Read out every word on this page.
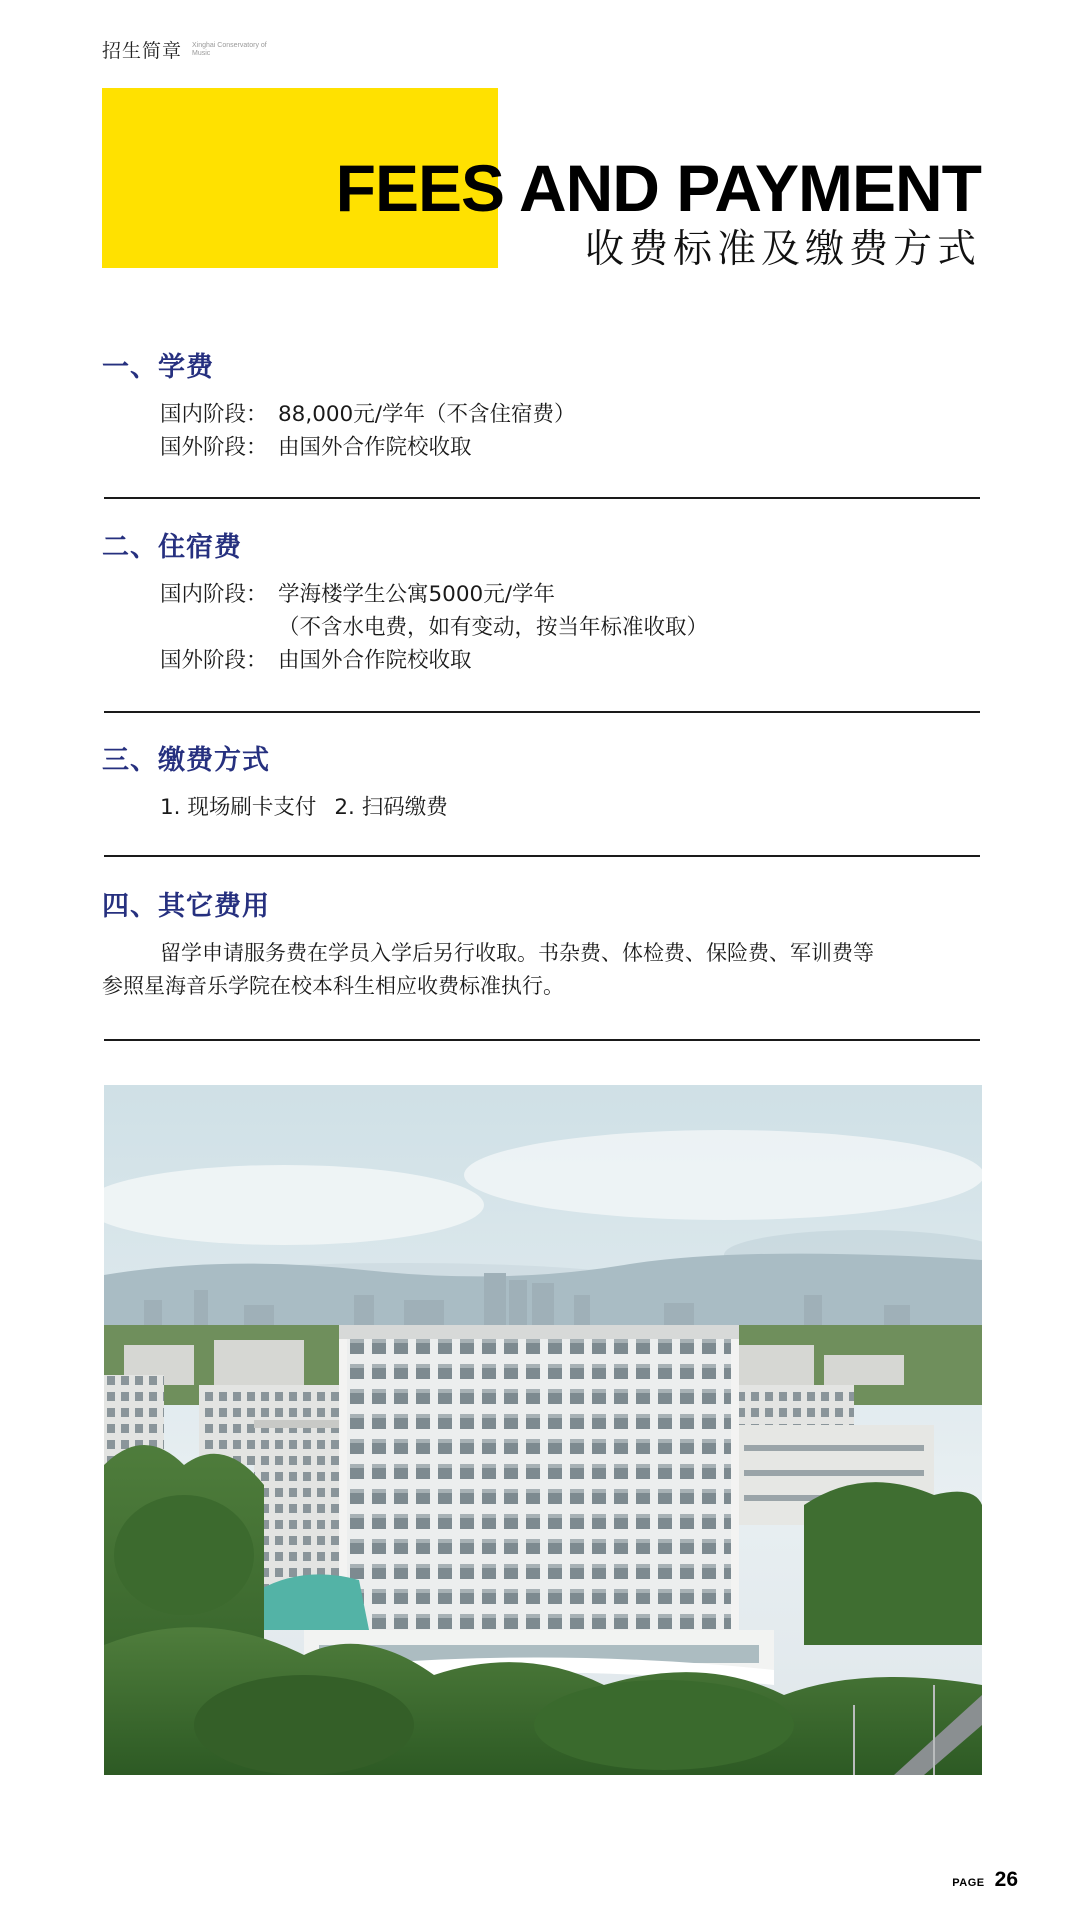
招生简章 Xinghai Conservatory of Music
FEES AND PAYMENT
收费标准及缴费方式
一、学费
国内阶段： 88,000元/学年（不含住宿费）
国外阶段： 由国外合作院校收取
二、住宿费
国内阶段： 学海楼学生公寓5000元/学年
（不含水电费，如有变动，按当年标准收取）
国外阶段： 由国外合作院校收取
三、缴费方式
1. 现场刷卡支付 2. 扫码缴费
四、其它费用
留学申请服务费在学员入学后另行收取。书杂费、体检费、保险费、军训费等
参照星海音乐学院在校本科生相应收费标准执行。
PAGE 26
